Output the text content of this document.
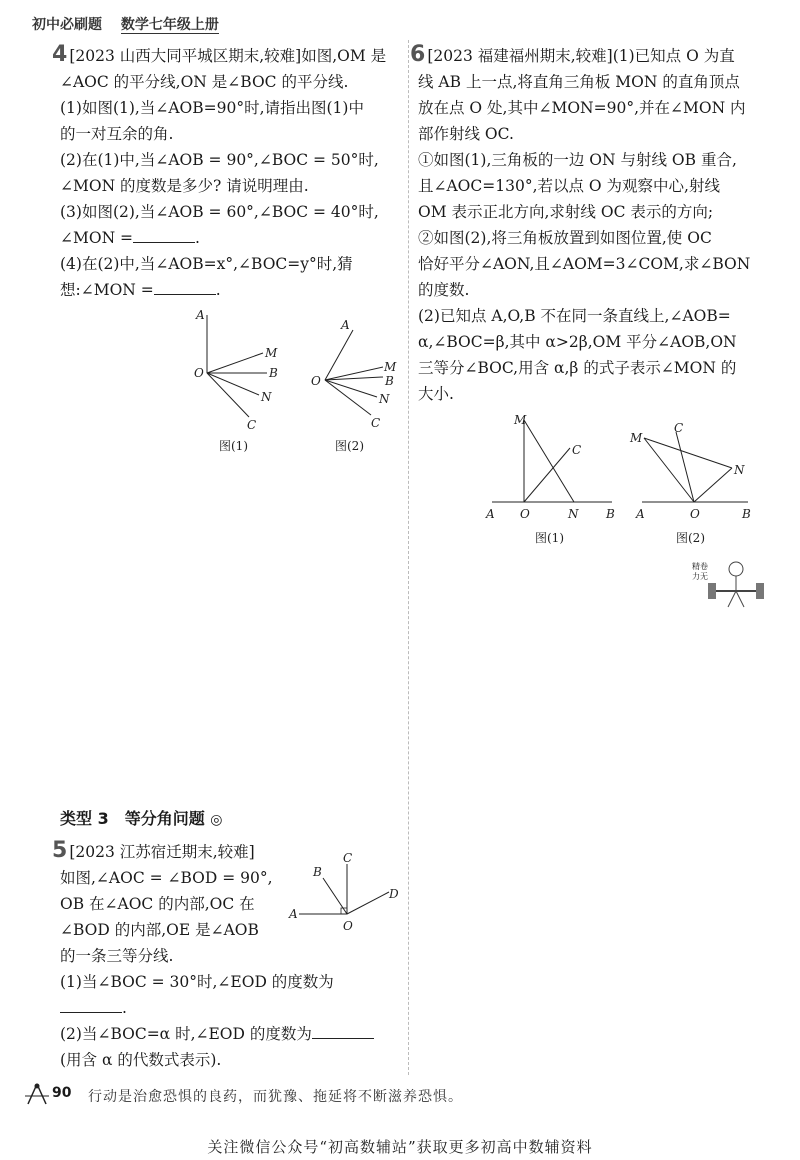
初中必刷题 数学七年级上册

4 [2023 山西大同平城区期末,较难]如图,OM 是

∠AOC 的平分线,ON 是∠BOC 的平分线.

(1)如图(1),当∠AOB=90°时,请指出图(1)中

的一对互余的角.

(2)在(1)中,当∠AOB = 90°,∠BOC = 50°时,

∠MON 的度数是多少? 请说明理由.

(3)如图(2),当∠AOB = 60°,∠BOC = 40°时,

∠MON =	.

(4)在(2)中,当∠AOB=x°,∠BOC=y°时,猜

想:∠MON =	.

A
O
M
B
N
C
图(1)
A
O
M
B
N
C
图(2)

6 [2023 福建福州期末,较难](1)已知点 O 为直

线 AB 上一点,将直角三角板 MON 的直角顶点

放在点 O 处,其中∠MON=90°,并在∠MON 内

部作射线 OC.

①如图(1),三角板的一边 ON 与射线 OB 重合,

且∠AOC=130°,若以点 O 为观察中心,射线

OM 表示正北方向,求射线 OC 表示的方向;

②如图(2),将三角板放置到如图位置,使 OC

恰好平分∠AON,且∠AOM=3∠COM,求∠BON

的度数.

(2)已知点 A,O,B 不在同一条直线上,∠AOB=

α,∠BOC=β,其中 α>2β,OM 平分∠AOB,ON

三等分∠BOC,用含 α,β 的式子表示∠MON 的

大小.

M
C
A O	N B
图(1)
M
C
N
A	O	B
图(2)
精卷
力无
类型 3　等分角问题 ◎

5 [2023 江苏宿迁期末,较难]

如图,∠AOC = ∠BOD = 90°,

OB 在∠AOC 的内部,OC 在

∠BOD 的内部,OE 是∠AOB

的一条三等分线.

(1)当∠BOC = 30°时,∠EOD 的度数为

.

(2)当∠BOC=α 时,∠EOD 的度数为

(用含 α 的代数式表示).

A
C
B
D
O
90 行动是治愈恐惧的良药，而犹豫、拖延将不断滋养恐惧。
关注微信公众号“初高数辅站”获取更多初高中数辅资料
